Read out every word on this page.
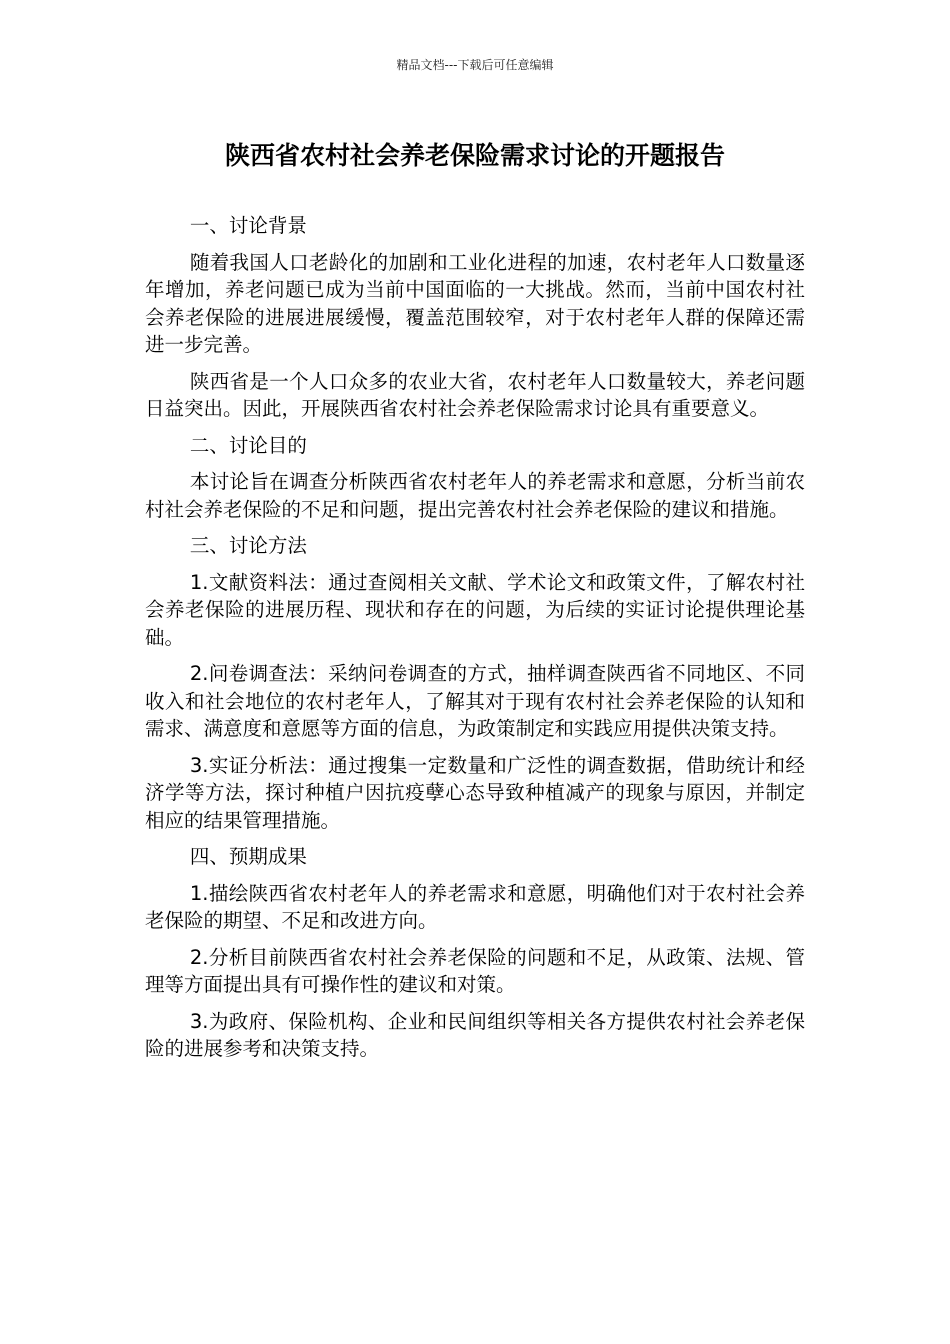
精品文档---下载后可任意编辑
陕西省农村社会养老保险需求讨论的开题报告

一、讨论背景

随着我国人口老龄化的加剧和工业化进程的加速，农村老年人口数量逐年增加，养老问题已成为当前中国面临的一大挑战。然而，当前中国农村社会养老保险的进展进展缓慢，覆盖范围较窄，对于农村老年人群的保障还需进一步完善。

陕西省是一个人口众多的农业大省，农村老年人口数量较大，养老问题日益突出。因此，开展陕西省农村社会养老保险需求讨论具有重要意义。

二、讨论目的

本讨论旨在调查分析陕西省农村老年人的养老需求和意愿，分析当前农村社会养老保险的不足和问题，提出完善农村社会养老保险的建议和措施。

三、讨论方法

1.文献资料法：通过查阅相关文献、学术论文和政策文件，了解农村社会养老保险的进展历程、现状和存在的问题，为后续的实证讨论提供理论基础。

2.问卷调查法：采纳问卷调查的方式，抽样调查陕西省不同地区、不同收入和社会地位的农村老年人，了解其对于现有农村社会养老保险的认知和需求、满意度和意愿等方面的信息，为政策制定和实践应用提供决策支持。

3.实证分析法：通过搜集一定数量和广泛性的调查数据，借助统计和经济学等方法，探讨种植户因抗疫孽心态导致种植减产的现象与原因，并制定相应的结果管理措施。

四、预期成果

1.描绘陕西省农村老年人的养老需求和意愿，明确他们对于农村社会养老保险的期望、不足和改进方向。

2.分析目前陕西省农村社会养老保险的问题和不足，从政策、法规、管理等方面提出具有可操作性的建议和对策。

3.为政府、保险机构、企业和民间组织等相关各方提供农村社会养老保险的进展参考和决策支持。
